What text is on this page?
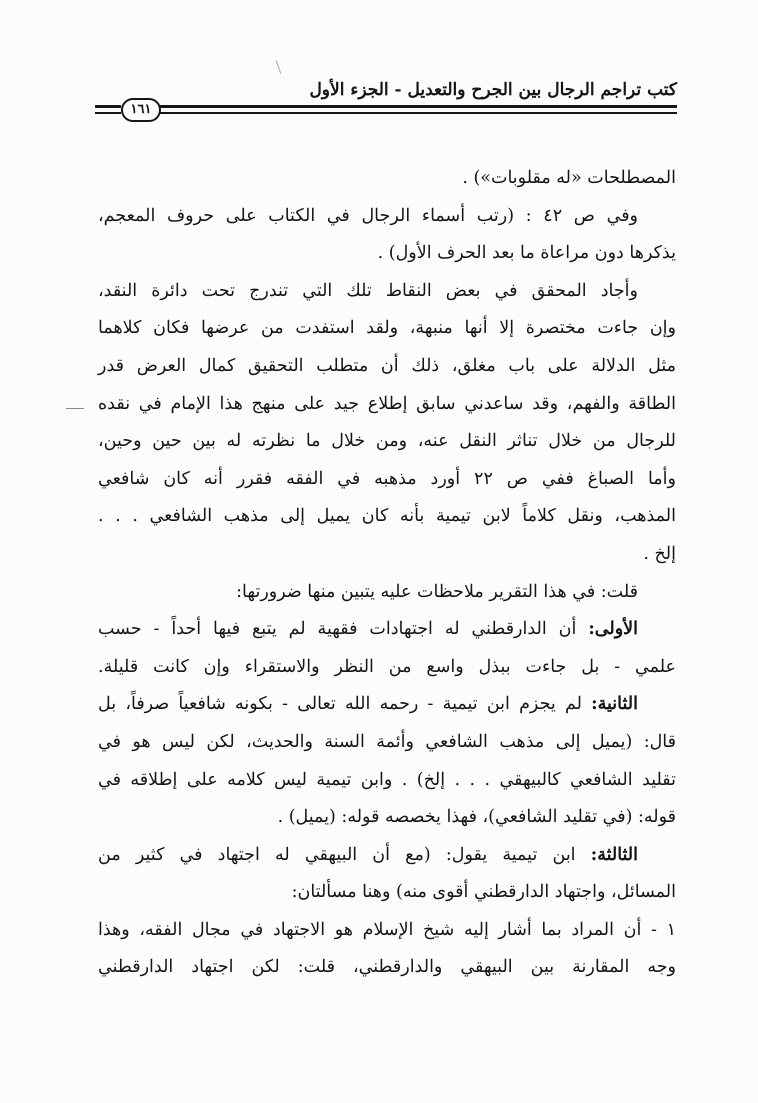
كتب تراجم الرجال بين الجرح والتعديل - الجزء الأول
١٦١
المصطلحات «له مقلوبات») .
وفي ص ٤٢ : (رتب أسماء الرجال في الكتاب على حروف المعجم،
يذكرها دون مراعاة ما بعد الحرف الأول) .
وأجاد المحقق في بعض النقاط تلك التي تندرج تحت دائرة النقد،
وإن جاءت مختصرة إلا أنها منبهة، ولقد استفدت من عرضها فكان كلاهما
مثل الدلالة على باب مغلق، ذلك أن متطلب التحقيق كمال العرض قدر
الطاقة والفهم، وقد ساعدني سابق إطلاع جيد على منهج هذا الإمام في نقده
للرجال من خلال تناثر النقل عنه، ومن خلال ما نظرته له بين حين وحين،
وأما الصباغ ففي ص ٢٢ أورد مذهبه في الفقه فقرر أنه كان شافعي
المذهب، ونقل كلاماً لابن تيمية بأنه كان يميل إلى مذهب الشافعي . . .
إلخ .
قلت: في هذا التقرير ملاحظات عليه يتبين منها ضرورتها:
الأولى: أن الدارقطني له اجتهادات فقهية لم يتبع فيها أحداً - حسب
علمي - بل جاءت ببذل واسع من النظر والاستقراء وإن كانت قليلة.
الثانية: لم يجزم ابن تيمية - رحمه الله تعالى - بكونه شافعياً صرفاً، بل
قال: (يميل إلى مذهب الشافعي وأئمة السنة والحديث، لكن ليس هو في
تقليد الشافعي كالبيهقي . . . إلخ) . وابن تيمية ليس كلامه على إطلاقه في
قوله: (في تقليد الشافعي)، فهذا يخصصه قوله: (يميل) .
الثالثة: ابن تيمية يقول: (مع أن البيهقي له اجتهاد في كثير من
المسائل، واجتهاد الدارقطني أقوى منه) وهنا مسألتان:
١ - أن المراد بما أشار إليه شيخ الإسلام هو الاجتهاد في مجال الفقه، وهذا
وجه المقارنة بين البيهقي والدارقطني، قلت: لكن اجتهاد الدارقطني
